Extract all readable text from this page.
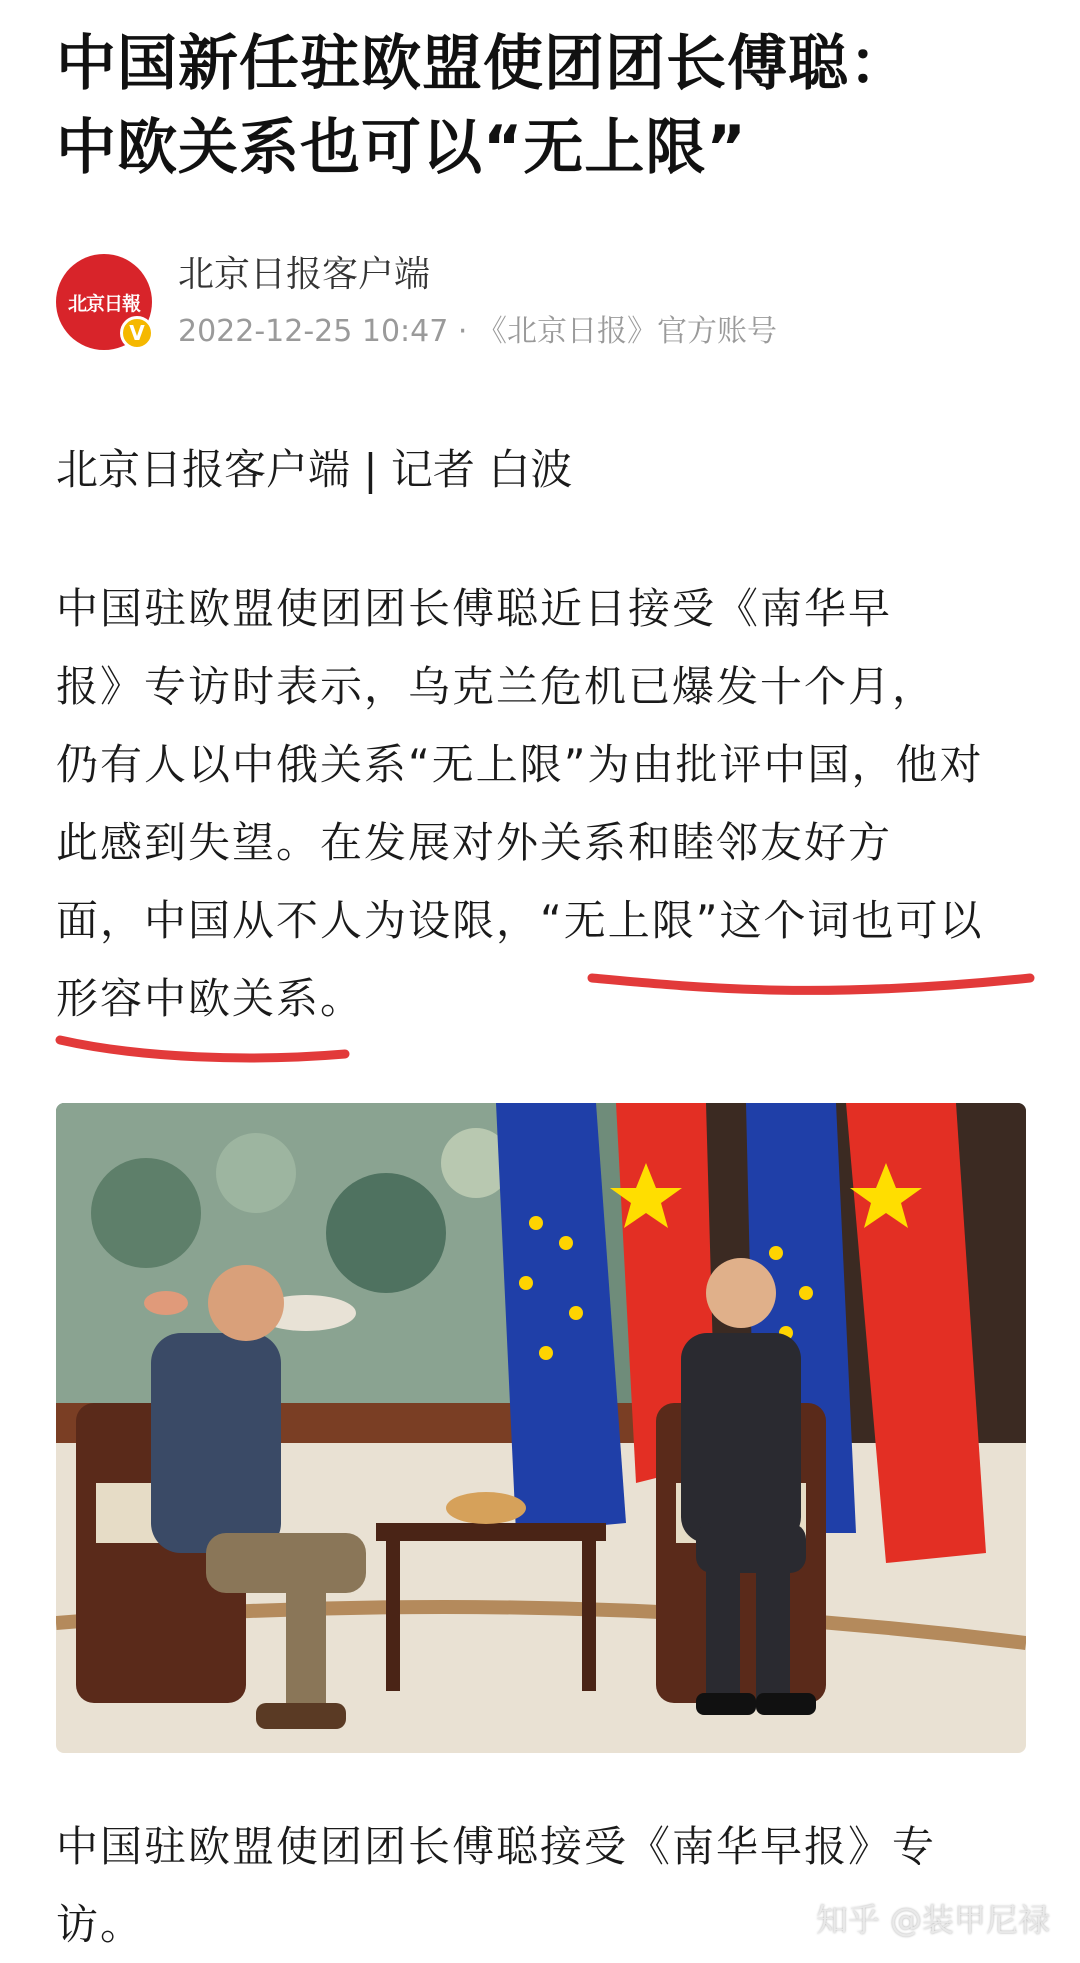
中国新任驻欧盟使团团长傅聪：
中欧关系也可以“无上限”
北京日報
V
北京日报客户端
2022-12-25 10:47 · 《北京日报》官方账号
北京日报客户端 | 记者 白波
中国驻欧盟使团团长傅聪近日接受《南华早
报》专访时表示，乌克兰危机已爆发十个月，
仍有人以中俄关系“无上限”为由批评中国，他对
此感到失望。在发展对外关系和睦邻友好方
面，中国从不人为设限，“无上限”这个词也可以
形容中欧关系。
中国驻欧盟使团团长傅聪接受《南华早报》专
访。	知乎 @装甲尼禄
